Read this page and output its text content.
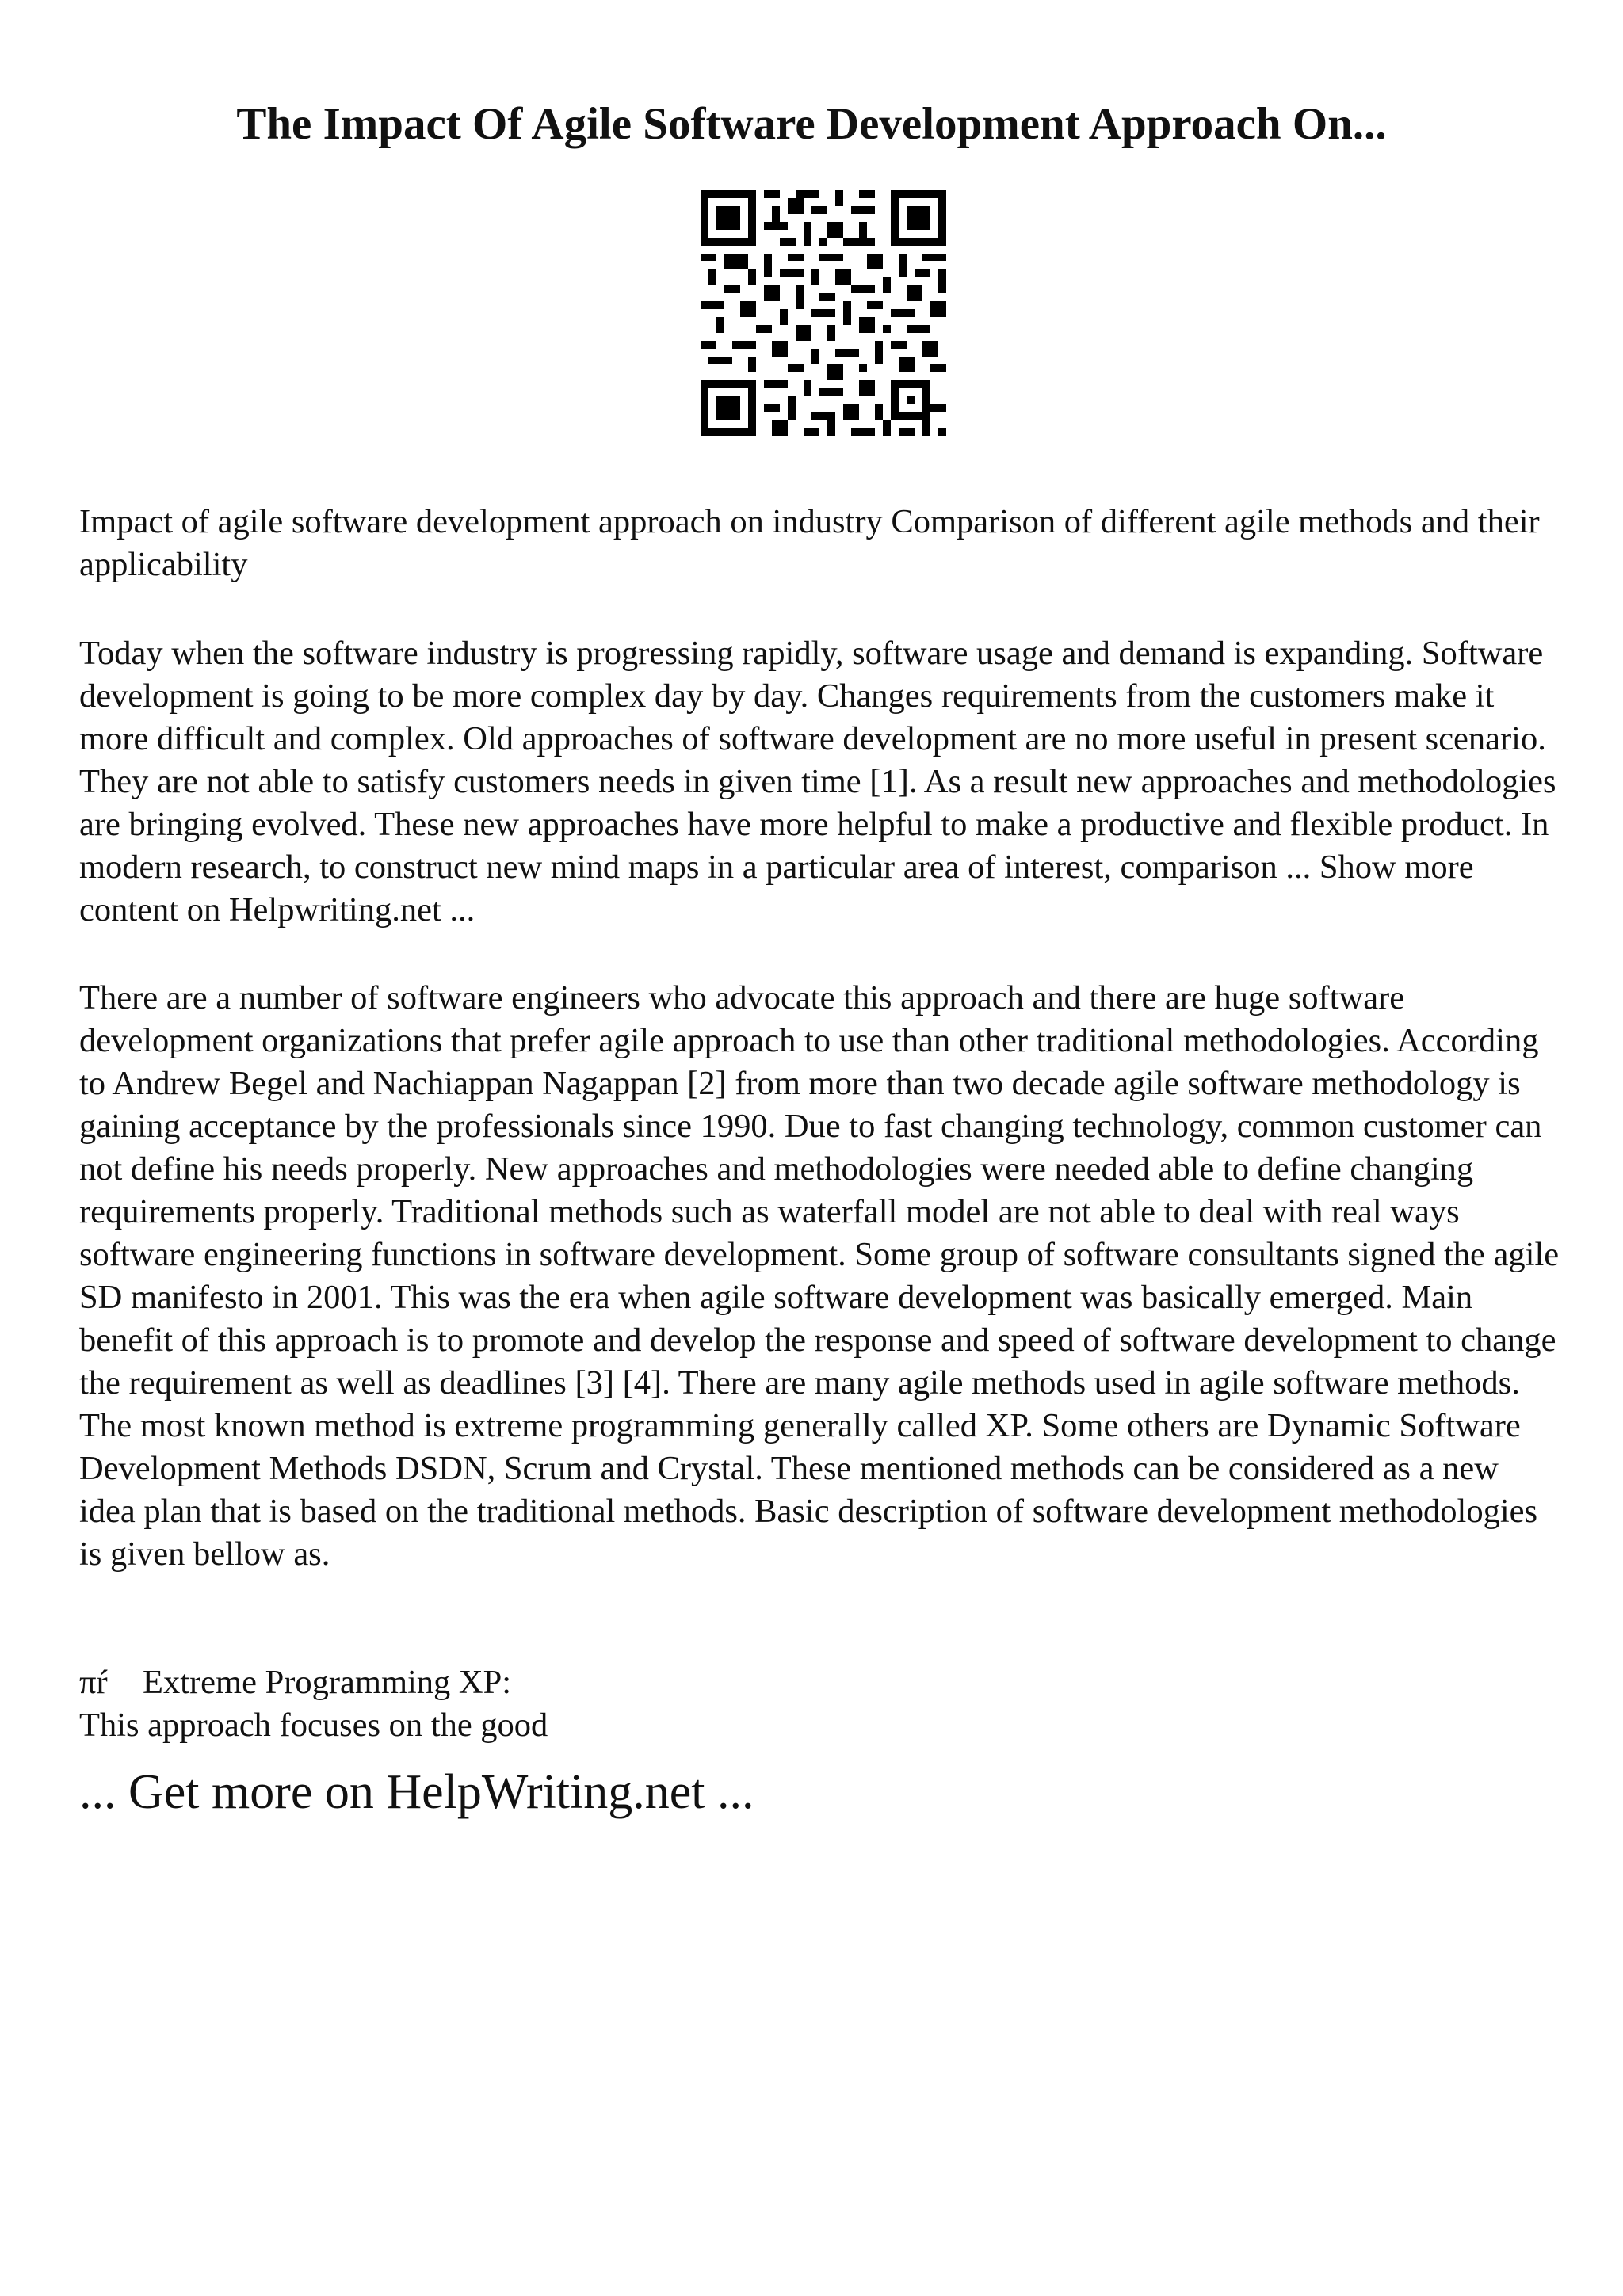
The Impact Of Agile Software Development Approach On...

Impact of agile software development approach on industry Comparison of different agile methods and their applicability

Today when the software industry is progressing rapidly, software usage and demand is expanding. Software development is going to be more complex day by day. Changes requirements from the customers make it more difficult and complex. Old approaches of software development are no more useful in present scenario. They are not able to satisfy customers needs in given time [1]. As a result new approaches and methodologies are bringing evolved. These new approaches have more helpful to make a productive and flexible product. In modern research, to construct new mind maps in a particular area of interest, comparison ... Show more content on Helpwriting.net ...

There are a number of software engineers who advocate this approach and there are huge software development organizations that prefer agile approach to use than other traditional methodologies. According to Andrew Begel and Nachiappan Nagappan [2] from more than two decade agile software methodology is gaining acceptance by the professionals since 1990. Due to fast changing technology, common customer can not define his needs properly. New approaches and methodologies were needed able to define changing requirements properly. Traditional methods such as waterfall model are not able to deal with real ways software engineering functions in software development. Some group of software consultants signed the agile SD manifesto in 2001. This was the era when agile software development was basically emerged. Main benefit of this approach is to promote and develop the response and speed of software development to change the requirement as well as deadlines [3] [4]. There are many agile methods used in agile software methods. The most known method is extreme programming generally called XP. Some others are Dynamic Software Development Methods DSDN, Scrum and Crystal. These mentioned methods can be considered as a new idea plan that is based on the traditional methods. Basic description of software development methodologies is given bellow as.

πŕ Extreme Programming XP:
This approach focuses on the good
... Get more on HelpWriting.net ...
